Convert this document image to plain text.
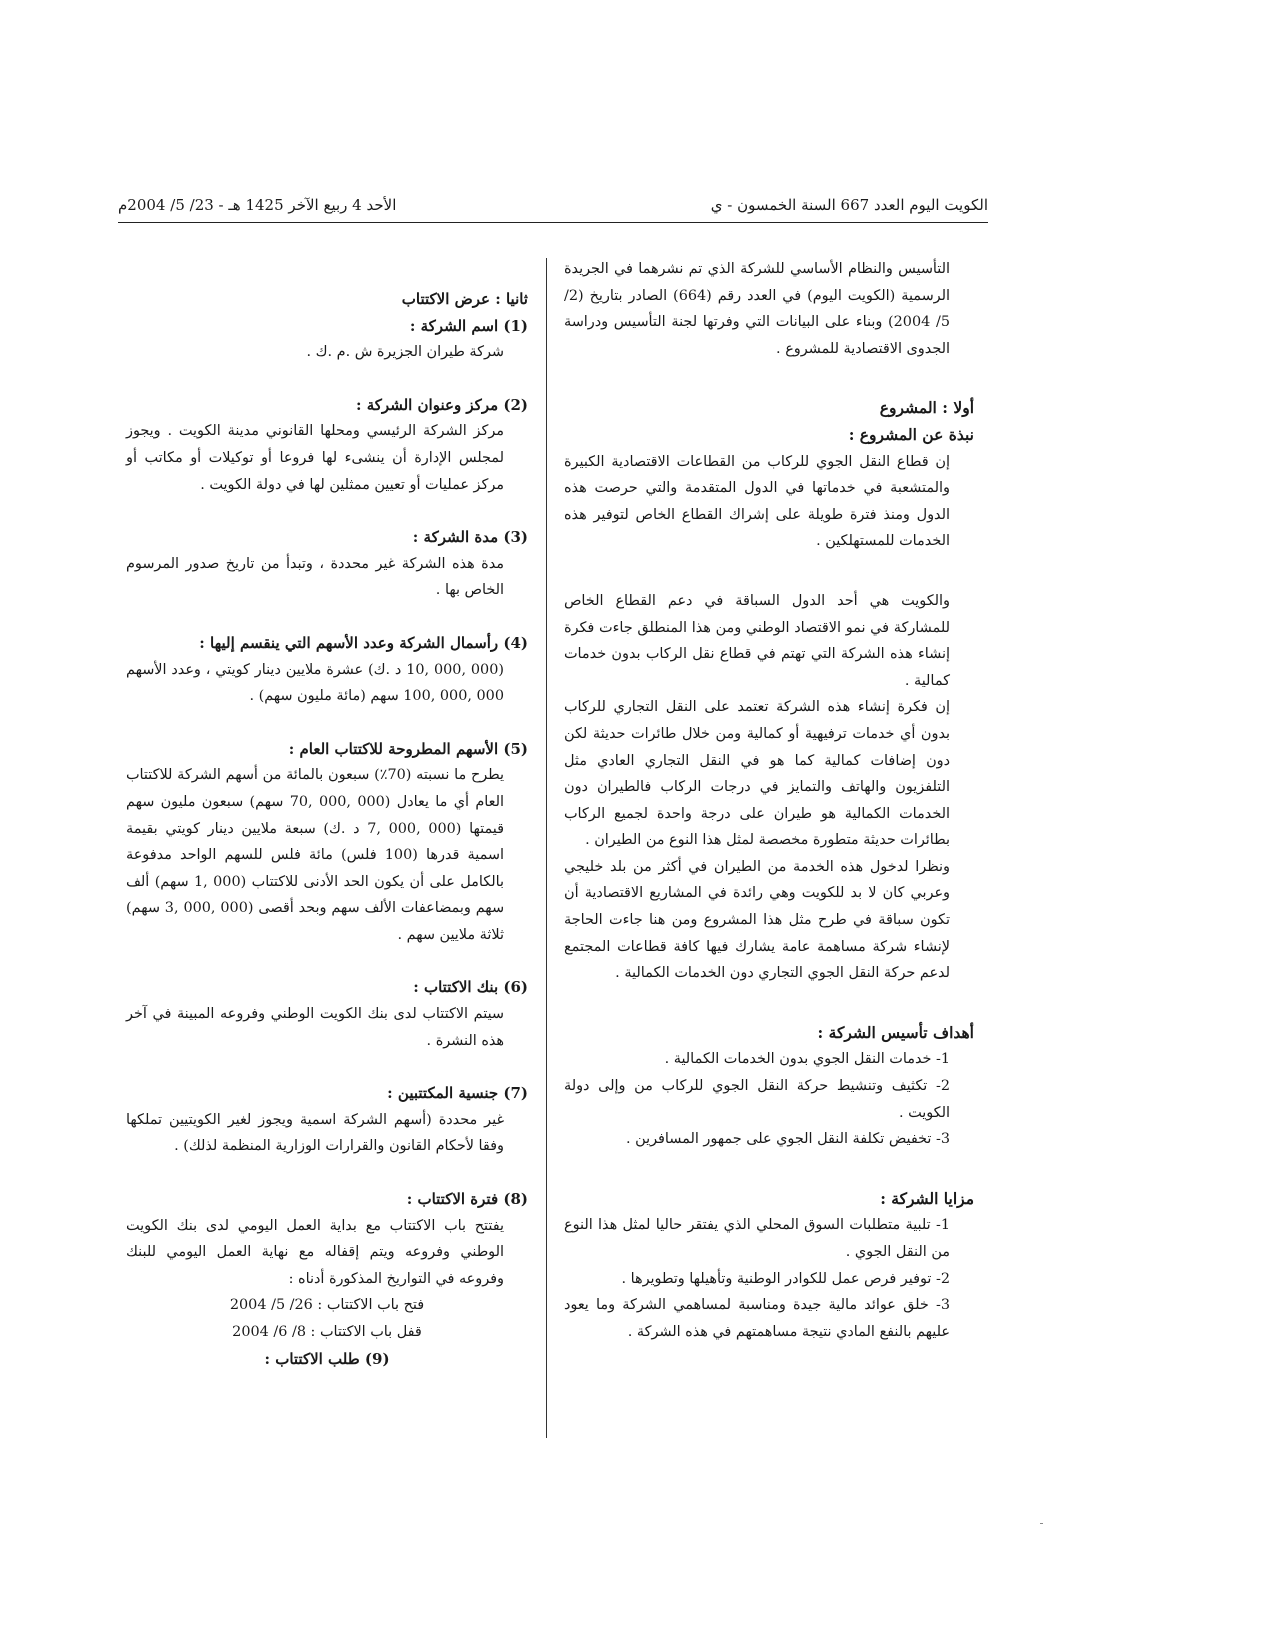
الكويت اليوم العدد 667 السنة الخمسون - ي
الأحد 4 ربيع الآخر 1425 هـ - 23/ 5/ 2004م

التأسيس والنظام الأساسي للشركة الذي تم نشرهما في الجريدة الرسمية (الكويت اليوم) في العدد رقم (664) الصادر بتاريخ (2/ 5/ 2004) وبناء على البيانات التي وفرتها لجنة التأسيس ودراسة الجدوى الاقتصادية للمشروع .

أولا : المشروع

نبذة عن المشروع :

إن قطاع النقل الجوي للركاب من القطاعات الاقتصادية الكبيرة والمتشعبة في خدماتها في الدول المتقدمة والتي حرصت هذه الدول ومنذ فترة طويلة على إشراك القطاع الخاص لتوفير هذه الخدمات للمستهلكين .

والكويت هي أحد الدول السباقة في دعم القطاع الخاص للمشاركة في نمو الاقتصاد الوطني ومن هذا المنطلق جاءت فكرة إنشاء هذه الشركة التي تهتم في قطاع نقل الركاب بدون خدمات كمالية .

إن فكرة إنشاء هذه الشركة تعتمد على النقل التجاري للركاب بدون أي خدمات ترفيهية أو كمالية ومن خلال طائرات حديثة لكن دون إضافات كمالية كما هو في النقل التجاري العادي مثل التلفزيون والهاتف والتمايز في درجات الركاب فالطيران دون الخدمات الكمالية هو طيران على درجة واحدة لجميع الركاب بطائرات حديثة متطورة مخصصة لمثل هذا النوع من الطيران .

ونظرا لدخول هذه الخدمة من الطيران في أكثر من بلد خليجي وعربي كان لا بد للكويت وهي رائدة في المشاريع الاقتصادية أن تكون سباقة في طرح مثل هذا المشروع ومن هنا جاءت الحاجة لإنشاء شركة مساهمة عامة يشارك فيها كافة قطاعات المجتمع لدعم حركة النقل الجوي التجاري دون الخدمات الكمالية .

أهداف تأسيس الشركة :

1- خدمات النقل الجوي بدون الخدمات الكمالية .

2- تكثيف وتنشيط حركة النقل الجوي للركاب من وإلى دولة الكويت .

3- تخفيض تكلفة النقل الجوي على جمهور المسافرين .

مزايا الشركة :

1- تلبية متطلبات السوق المحلي الذي يفتقر حاليا لمثل هذا النوع من النقل الجوي .

2- توفير فرص عمل للكوادر الوطنية وتأهيلها وتطويرها .

3- خلق عوائد مالية جيدة ومناسبة لمساهمي الشركة وما يعود عليهم بالنفع المادي نتيجة مساهمتهم في هذه الشركة .

ثانيا : عرض الاكتتاب

(1) اسم الشركة :

شركة طيران الجزيرة ش .م .ك .

(2) مركز وعنوان الشركة :

مركز الشركة الرئيسي ومحلها القانوني مدينة الكويت . ويجوز لمجلس الإدارة أن ينشىء لها فروعا أو توكيلات أو مكاتب أو مركز عمليات أو تعيين ممثلين لها في دولة الكويت .

(3) مدة الشركة :

مدة هذه الشركة غير محددة ، وتبدأ من تاريخ صدور المرسوم الخاص بها .

(4) رأسمال الشركة وعدد الأسهم التي ينقسم إليها :

(000 ,000 ,10 د .ك) عشرة ملايين دينار كويتي ، وعدد الأسهم 000 ,000 ,100 سهم (مائة مليون سهم) .

(5) الأسهم المطروحة للاكتتاب العام :

يطرح ما نسبته (70٪) سبعون بالمائة من أسهم الشركة للاكتتاب العام أي ما يعادل (000 ,000 ,70 سهم) سبعون مليون سهم قيمتها (000 ,000 ,7 د .ك) سبعة ملايين دينار كويتي بقيمة اسمية قدرها (100 فلس) مائة فلس للسهم الواحد مدفوعة بالكامل على أن يكون الحد الأدنى للاكتتاب (000 ,1 سهم) ألف سهم وبمضاعفات الألف سهم وبحد أقصى (000 ,000 ,3 سهم) ثلاثة ملايين سهم .

(6) بنك الاكتتاب :

سيتم الاكتتاب لدى بنك الكويت الوطني وفروعه المبينة في آخر هذه النشرة .

(7) جنسية المكتتبين :

غير محددة (أسهم الشركة اسمية ويجوز لغير الكويتيين تملكها وفقا لأحكام القانون والقرارات الوزارية المنظمة لذلك) .

(8) فترة الاكتتاب :

يفتتح باب الاكتتاب مع بداية العمل اليومي لدى بنك الكويت الوطني وفروعه ويتم إقفاله مع نهاية العمل اليومي للبنك وفروعه في التواريخ المذكورة أدناه :

فتح باب الاكتتاب : 26/ 5/ 2004

قفل باب الاكتتاب : 8/ 6/ 2004

(9) طلب الاكتتاب :
